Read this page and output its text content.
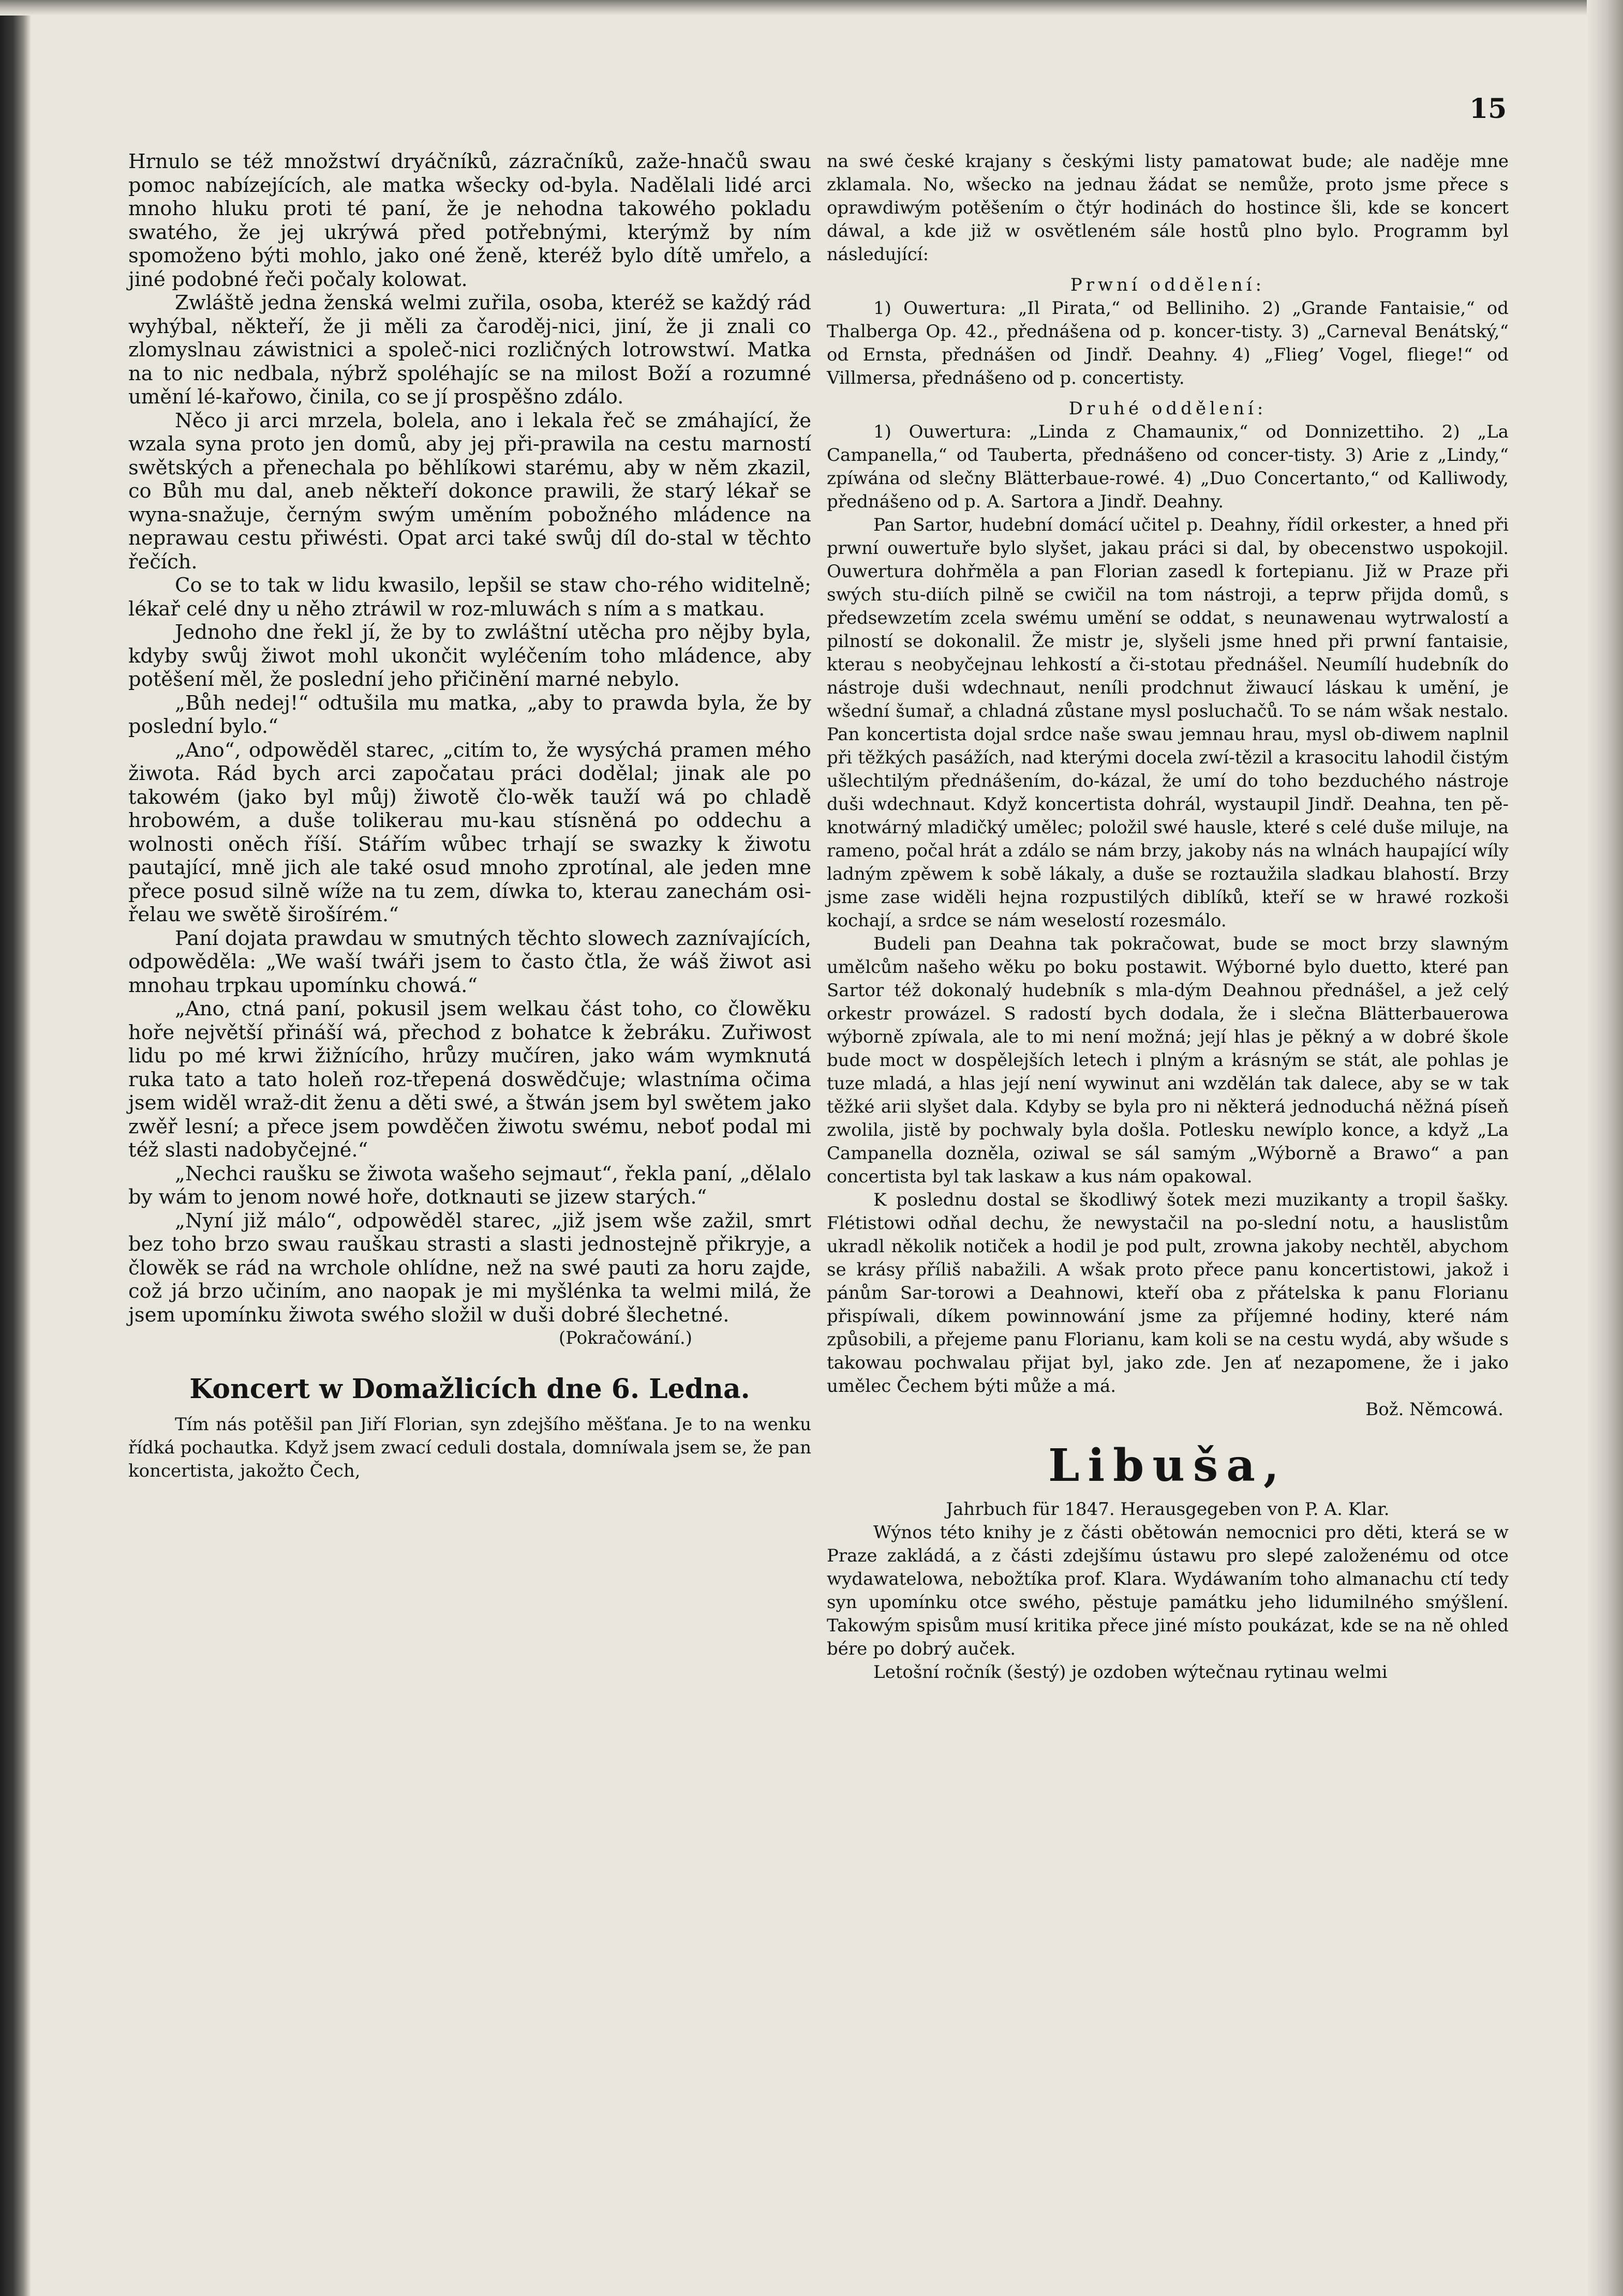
15

Hrnulo se též množstwí dryáčníků, zázračníků, zaže-hnačů swau pomoc nabízejících, ale matka wšecky od-byla. Nadělali lidé arci mnoho hluku proti té paní, že je nehodna takowého pokladu swatého, že jej ukrýwá před potřebnými, kterýmž by ním spomoženo býti mohlo, jako oné ženě, kteréž bylo dítě umřelo, a jiné podobné řeči počaly kolowat.

Zwláště jedna ženská welmi zuřila, osoba, kteréž se každý rád wyhýbal, někteří, že ji měli za čaroděj-nici, jiní, že ji znali co zlomyslnau záwistnici a společ-nici rozličných lotrowstwí. Matka na to nic nedbala, nýbrž spoléhajíc se na milost Boží a rozumné umění lé-kařowo, činila, co se jí prospěšno zdálo.

Něco ji arci mrzela, bolela, ano i lekala řeč se zmáhající, že wzala syna proto jen domů, aby jej při-prawila na cestu marností swětských a přenechala po běhlíkowi starému, aby w něm zkazil, co Bůh mu dal, aneb někteří dokonce prawili, že starý lékař se wyna-snažuje, černým swým uměním pobožného mládence na neprawau cestu přiwésti. Opat arci také swůj díl do-stal w těchto řečích.

Co se to tak w lidu kwasilo, lepšil se staw cho-rého widitelně; lékař celé dny u něho ztráwil w roz-mluwách s ním a s matkau.

Jednoho dne řekl jí, že by to zwláštní utěcha pro nějby byla, kdyby swůj žiwot mohl ukončit wyléčením toho mládence, aby potěšení měl, že poslední jeho přičinění marné nebylo.

„Bůh nedej!“ odtušila mu matka, „aby to prawda byla, že by poslední bylo.“

„Ano“, odpowěděl starec, „citím to, že wysýchá pramen mého žiwota. Rád bych arci započatau práci dodělal; jinak ale po takowém (jako byl můj) žiwotě člo-wěk tauží wá po chladě hrobowém, a duše tolikerau mu-kau stísněná po oddechu a wolnosti oněch říší. Stářím wůbec trhají se swazky k žiwotu pautající, mně jich ale také osud mnoho zprotínal, ale jeden mne přece posud silně wíže na tu zem, díwka to, kterau zanechám osi-řelau we swětě širošírém.“

Paní dojata prawdau w smutných těchto slowech zaznívajících, odpowěděla: „We waší twáři jsem to často čtla, že wáš žiwot asi mnohau trpkau upomínku chowá.“

„Ano, ctná paní, pokusil jsem welkau část toho, co člowěku hoře největší přináší wá, přechod z bohatce k žebráku. Zuřiwost lidu po mé krwi žižnícího, hrůzy mučíren, jako wám wymknutá ruka tato a tato holeň roz-třepená doswědčuje; wlastníma očima jsem widěl wraž-dit ženu a děti swé, a štwán jsem byl swětem jako zwěř lesní; a přece jsem powděčen žiwotu swému, neboť podal mi též slasti nadobyčejné.“

„Nechci raušku se žiwota wašeho sejmaut“, řekla paní, „dělalo by wám to jenom nowé hoře, dotknauti se jizew starých.“

„Nyní již málo“, odpowěděl starec, „již jsem wše zažil, smrt bez toho brzo swau rauškau strasti a slasti jednostejně přikryje, a člowěk se rád na wrchole ohlídne, než na swé pauti za horu zajde, což já brzo učiním, ano naopak je mi myšlénka ta welmi milá, že jsem upomínku žiwota swého složil w duši dobré šlechetné.

(Pokračowání.)

Koncert w Domažlicích dne 6. Ledna.

Tím nás potěšil pan Jiří Florian, syn zdejšího měšťana. Je to na wenku řídká pochautka. Když jsem zwací ceduli dostala, domníwala jsem se, že pan koncertista, jakožto Čech,

na swé české krajany s českými listy pamatowat bude; ale naděje mne zklamala. No, wšecko na jednau žádat se nemůže, proto jsme přece s oprawdiwým potěšením o čtýr hodinách do hostince šli, kde se koncert dáwal, a kde již w osvětleném sále hostů plno bylo. Programm byl následující:

Prwní oddělení:

1) Ouwertura: „Il Pirata,“ od Belliniho. 2) „Grande Fantaisie,“ od Thalberga Op. 42., přednášena od p. koncer-tisty. 3) „Carneval Benátský,“ od Ernsta, přednášen od Jindř. Deahny. 4) „Flieg’ Vogel, fliege!“ od Villmersa, přednášeno od p. concertisty.

Druhé oddělení:

1) Ouwertura: „Linda z Chamaunix,“ od Donnizettiho. 2) „La Campanella,“ od Tauberta, přednášeno od concer-tisty. 3) Arie z „Lindy,“ zpíwána od slečny Blätterbaue-rowé. 4) „Duo Concertanto,“ od Kalliwody, přednášeno od p. A. Sartora a Jindř. Deahny.

Pan Sartor, hudební domácí učitel p. Deahny, řídil orkester, a hned při prwní ouwertuře bylo slyšet, jakau práci si dal, by obecenstwo uspokojil. Ouwertura dohřměla a pan Florian zasedl k fortepianu. Již w Praze při swých stu-diích pilně se cwičil na tom nástroji, a teprw přijda domů, s předsewzetím zcela swému umění se oddat, s neunawenau wytrwalostí a pilností se dokonalil. Že mistr je, slyšeli jsme hned při prwní fantaisie, kterau s neobyčejnau lehkostí a či-stotau přednášel. Neumílí hudebník do nástroje duši wdechnaut, neníli prodchnut žiwaucí láskau k umění, je wšední šumař, a chladná zůstane mysl posluchačů. To se nám wšak nestalo. Pan koncertista dojal srdce naše swau jemnau hrau, mysl ob-diwem naplnil při těžkých pasážích, nad kterými docela zwí-tězil a krasocitu lahodil čistým ušlechtilým přednášením, do-kázal, že umí do toho bezduchého nástroje duši wdechnaut. Když koncertista dohrál, wystaupil Jindř. Deahna, ten pě-knotwárný mladičký umělec; položil swé hausle, které s celé duše miluje, na rameno, počal hrát a zdálo se nám brzy, jakoby nás na wlnách haupající wíly ladným zpěwem k sobě lákaly, a duše se roztaužila sladkau blahostí. Brzy jsme zase widěli hejna rozpustilých diblíků, kteří se w hrawé rozkoši kochají, a srdce se nám weselostí rozesmálo.

Budeli pan Deahna tak pokračowat, bude se moct brzy slawným umělcům našeho wěku po boku postawit. Wýborné bylo duetto, které pan Sartor též dokonalý hudebník s mla-dým Deahnou přednášel, a jež celý orkestr prowázel. S radostí bych dodala, že i slečna Blätterbauerowa wýborně zpíwala, ale to mi není možná; její hlas je pěkný a w dobré škole bude moct w dospělejších letech i plným a krásným se stát, ale pohlas je tuze mladá, a hlas její není wywinut ani wzdělán tak dalece, aby se w tak těžké arii slyšet dala. Kdyby se byla pro ni některá jednoduchá něžná píseň zwolila, jistě by pochwaly byla došla. Potlesku newíplo konce, a když „La Campanella dozněla, oziwal se sál samým „Wýborně a Brawo“ a pan concertista byl tak laskaw a kus nám opakowal.

K poslednu dostal se škodliwý šotek mezi muzikanty a tropil šašky. Flétistowi odňal dechu, že newystačil na po-slední notu, a hauslistům ukradl několik notiček a hodil je pod pult, zrowna jakoby nechtěl, abychom se krásy příliš nabažili. A wšak proto přece panu koncertistowi, jakož i pánům Sar-torowi a Deahnowi, kteří oba z přátelska k panu Florianu přispíwali, díkem powinnowání jsme za příjemné hodiny, které nám způsobili, a přejeme panu Florianu, kam koli se na cestu wydá, aby wšude s takowau pochwalau přijat byl, jako zde. Jen ať nezapomene, že i jako umělec Čechem býti může a má.

Bož. Němcowá.

Libuša,

Jahrbuch für 1847. Herausgegeben von P. A. Klar.

Wýnos této knihy je z části obětowán nemocnici pro děti, která se w Praze zakládá, a z části zdejšímu ústawu pro slepé založenému od otce wydawatelowa, nebožtíka prof. Klara. Wydáwaním toho almanachu ctí tedy syn upomínku otce swého, pěstuje památku jeho lidumilného smýšlení. Takowým spisům musí kritika přece jiné místo poukázat, kde se na ně ohled bére po dobrý auček.

Letošní ročník (šestý) je ozdoben wýtečnau rytinau welmi
